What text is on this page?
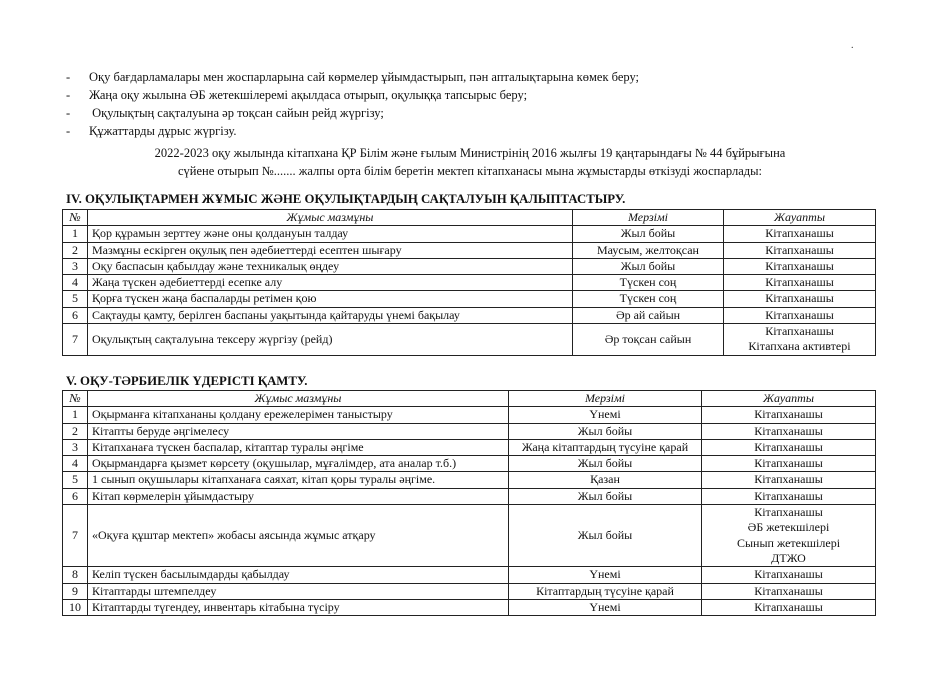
.
- Оқу бағдарламалары мен жоспарларына сай көрмелер ұйымдастырып, пән апталықтарына көмек беру;
- Жаңа оқу жылына ӘБ жетекшілеремі ақылдаса отырып, оқулыққа тапсырыс беру;
- Оқулықтың сақталуына әр тоқсан сайын рейд жүргізу;
- Құжаттарды дұрыс жүргізу.
2022-2023 оқу жылында кітапхана ҚР Білім және ғылым Министрінің 2016 жылғы 19 қаңтарындағы № 44 бұйрығына
сүйене отырып №....... жалпы орта білім беретін мектеп кітапханасы мына жұмыстарды өткізуді жоспарлады:
IV. ОҚУЛЫҚТАРМЕН ЖҰМЫС ЖӘНЕ ОҚУЛЫҚТАРДЫҢ САҚТАЛУЫН ҚАЛЫПТАСТЫРУ.
№	Жұмыс мазмұны	Мерзімі	Жауапты
1	Қор құрамын зерттеу және оны қолдануын талдау	Жыл бойы	Кітапханашы

2	Мазмұны ескірген оқулық пен әдебиеттерді есептен шығару	Маусым, желтоқсан	Кітапханашы

3	Оқу баспасын қабылдау және техникалық өңдеу	Жыл бойы	Кітапханашы

4	Жаңа түскен әдебиеттерді есепке алу	Түскен соң	Кітапханашы

5	Қорға түскен жаңа баспаларды ретімен қою	Түскен соң	Кітапханашы

6	Сақтауды қамту, берілген баспаны уақытында қайтаруды үнемі бақылау	Әр ай сайын	Кітапханашы

7	Оқулықтың сақталуына тексеру жүргізу (рейд)	Әр тоқсан сайын	Кітапханашы
Кітапхана активтері
V. ОҚУ-ТӘРБИЕЛІК ҮДЕРІСТІ ҚАМТУ.
№	Жұмыс мазмұны	Мерзімі	Жауапты
1	Оқырманға кітапхананы қолдану ережелерімен таныстыру	Үнемі	Кітапханашы

2	Кітапты беруде әңгімелесу	Жыл бойы	Кітапханашы

3	Кітапханаға түскен баспалар, кітаптар туралы әңгіме	Жаңа кітаптардың түсуіне қарай	Кітапханашы

4	Оқырмандарға қызмет көрсету (оқушылар, мұғалімдер, ата аналар т.б.)	Жыл бойы	Кітапханашы

5	1 сынып оқушылары кітапханаға саяхат, кітап қоры туралы әңгіме.	Қазан	Кітапханашы

6	Кітап көрмелерін ұйымдастыру	Жыл бойы	Кітапханашы

7	«Оқуға құштар мектеп» жобасы аясында жұмыс атқару	Жыл бойы	Кітапханашы
ӘБ жетекшілері
Сынып жетекшілері
ДТЖО

8	Келіп түскен басылымдарды қабылдау	Үнемі	Кітапханашы

9	Кітаптарды штемпелдеу	Кітаптардың түсуіне қарай	Кітапханашы

10	Кітаптарды түгендеу, инвентарь кітабына түсіру	Үнемі	Кітапханашы
